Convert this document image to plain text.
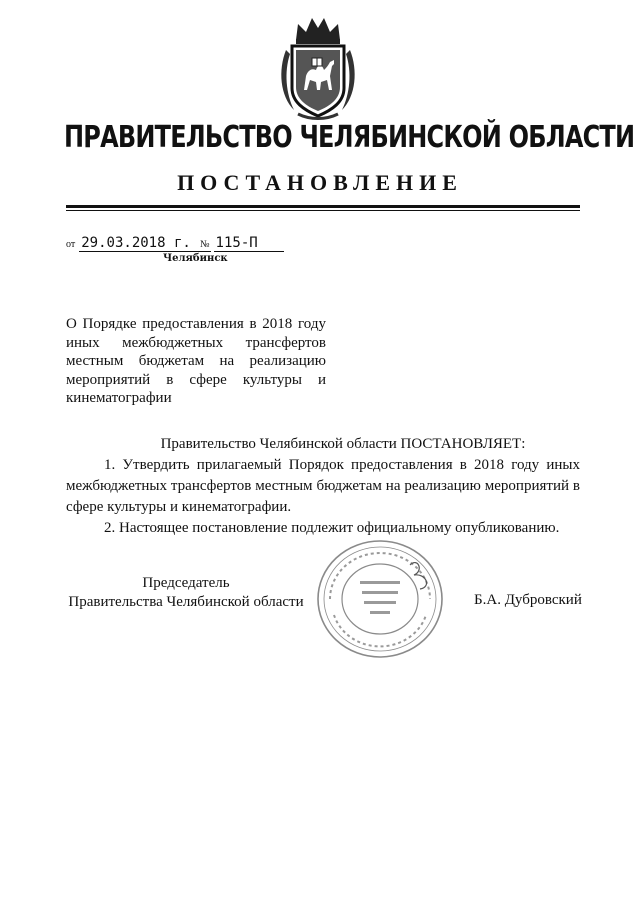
ПРАВИТЕЛЬСТВО ЧЕЛЯБИНСКОЙ ОБЛАСТИ
ПОСТАНОВЛЕНИЕ
от 29.03.2018 г. № 115-П
Челябинск
О Порядке предоставления в 2018 году иных межбюджетных трансфертов местным бюджетам на реализацию мероприятий в сфере культуры и кинематографии

Правительство Челябинской области ПОСТАНОВЛЯЕТ:

1. Утвердить прилагаемый Порядок предоставления в 2018 году иных межбюджетных трансфертов местным бюджетам на реализацию мероприятий в сфере культуры и кинематографии.

2. Настоящее постановление подлежит официальному опубликованию.

Председатель
Правительства Челябинской области	Б.А. Дубровский
